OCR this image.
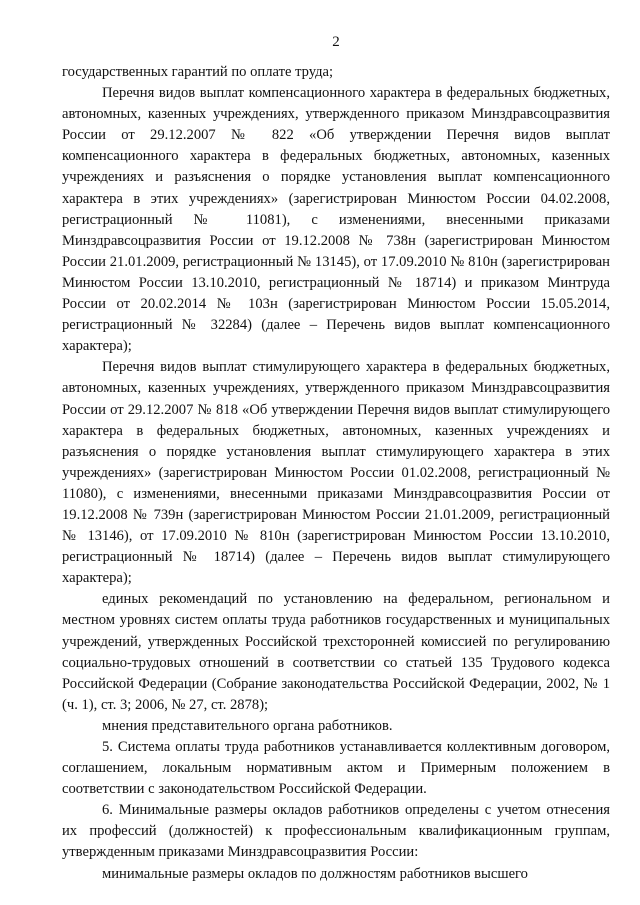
2

государственных гарантий по оплате труда;

Перечня видов выплат компенсационного характера в федеральных бюджетных, автономных, казенных учреждениях, утвержденного приказом Минздравсоцразвития России от 29.12.2007 № 822 «Об утверждении Перечня видов выплат компенсационного характера в федеральных бюджетных, автономных, казенных учреждениях и разъяснения о порядке установления выплат компенсационного характера в этих учреждениях» (зарегистрирован Минюстом России 04.02.2008, регистрационный № 11081), с изменениями, внесенными приказами Минздравсоцразвития России от 19.12.2008 № 738н (зарегистрирован Минюстом России 21.01.2009, регистрационный № 13145), от 17.09.2010 № 810н (зарегистрирован Минюстом России 13.10.2010, регистрационный № 18714) и приказом Минтруда России от 20.02.2014 № 103н (зарегистрирован Минюстом России 15.05.2014, регистрационный № 32284) (далее – Перечень видов выплат компенсационного характера);

Перечня видов выплат стимулирующего характера в федеральных бюджетных, автономных, казенных учреждениях, утвержденного приказом Минздравсоцразвития России от 29.12.2007 № 818 «Об утверждении Перечня видов выплат стимулирующего характера в федеральных бюджетных, автономных, казенных учреждениях и разъяснения о порядке установления выплат стимулирующего характера в этих учреждениях» (зарегистрирован Минюстом России 01.02.2008, регистрационный № 11080), с изменениями, внесенными приказами Минздравсоцразвития России от 19.12.2008 № 739н (зарегистрирован Минюстом России 21.01.2009, регистрационный № 13146), от 17.09.2010 № 810н (зарегистрирован Минюстом России 13.10.2010, регистрационный № 18714) (далее – Перечень видов выплат стимулирующего характера);

единых рекомендаций по установлению на федеральном, региональном и местном уровнях систем оплаты труда работников государственных и муниципальных учреждений, утвержденных Российской трехсторонней комиссией по регулированию социально-трудовых отношений в соответствии со статьей 135 Трудового кодекса Российской Федерации (Собрание законодательства Российской Федерации, 2002, № 1 (ч. 1), ст. 3; 2006, № 27, ст. 2878);

мнения представительного органа работников.

5. Система оплаты труда работников устанавливается коллективным договором, соглашением, локальным нормативным актом и Примерным положением в соответствии с законодательством Российской Федерации.

6. Минимальные размеры окладов работников определены с учетом отнесения их профессий (должностей) к профессиональным квалификационным группам, утвержденным приказами Минздравсоцразвития России:

минимальные размеры окладов по должностям работников высшего
